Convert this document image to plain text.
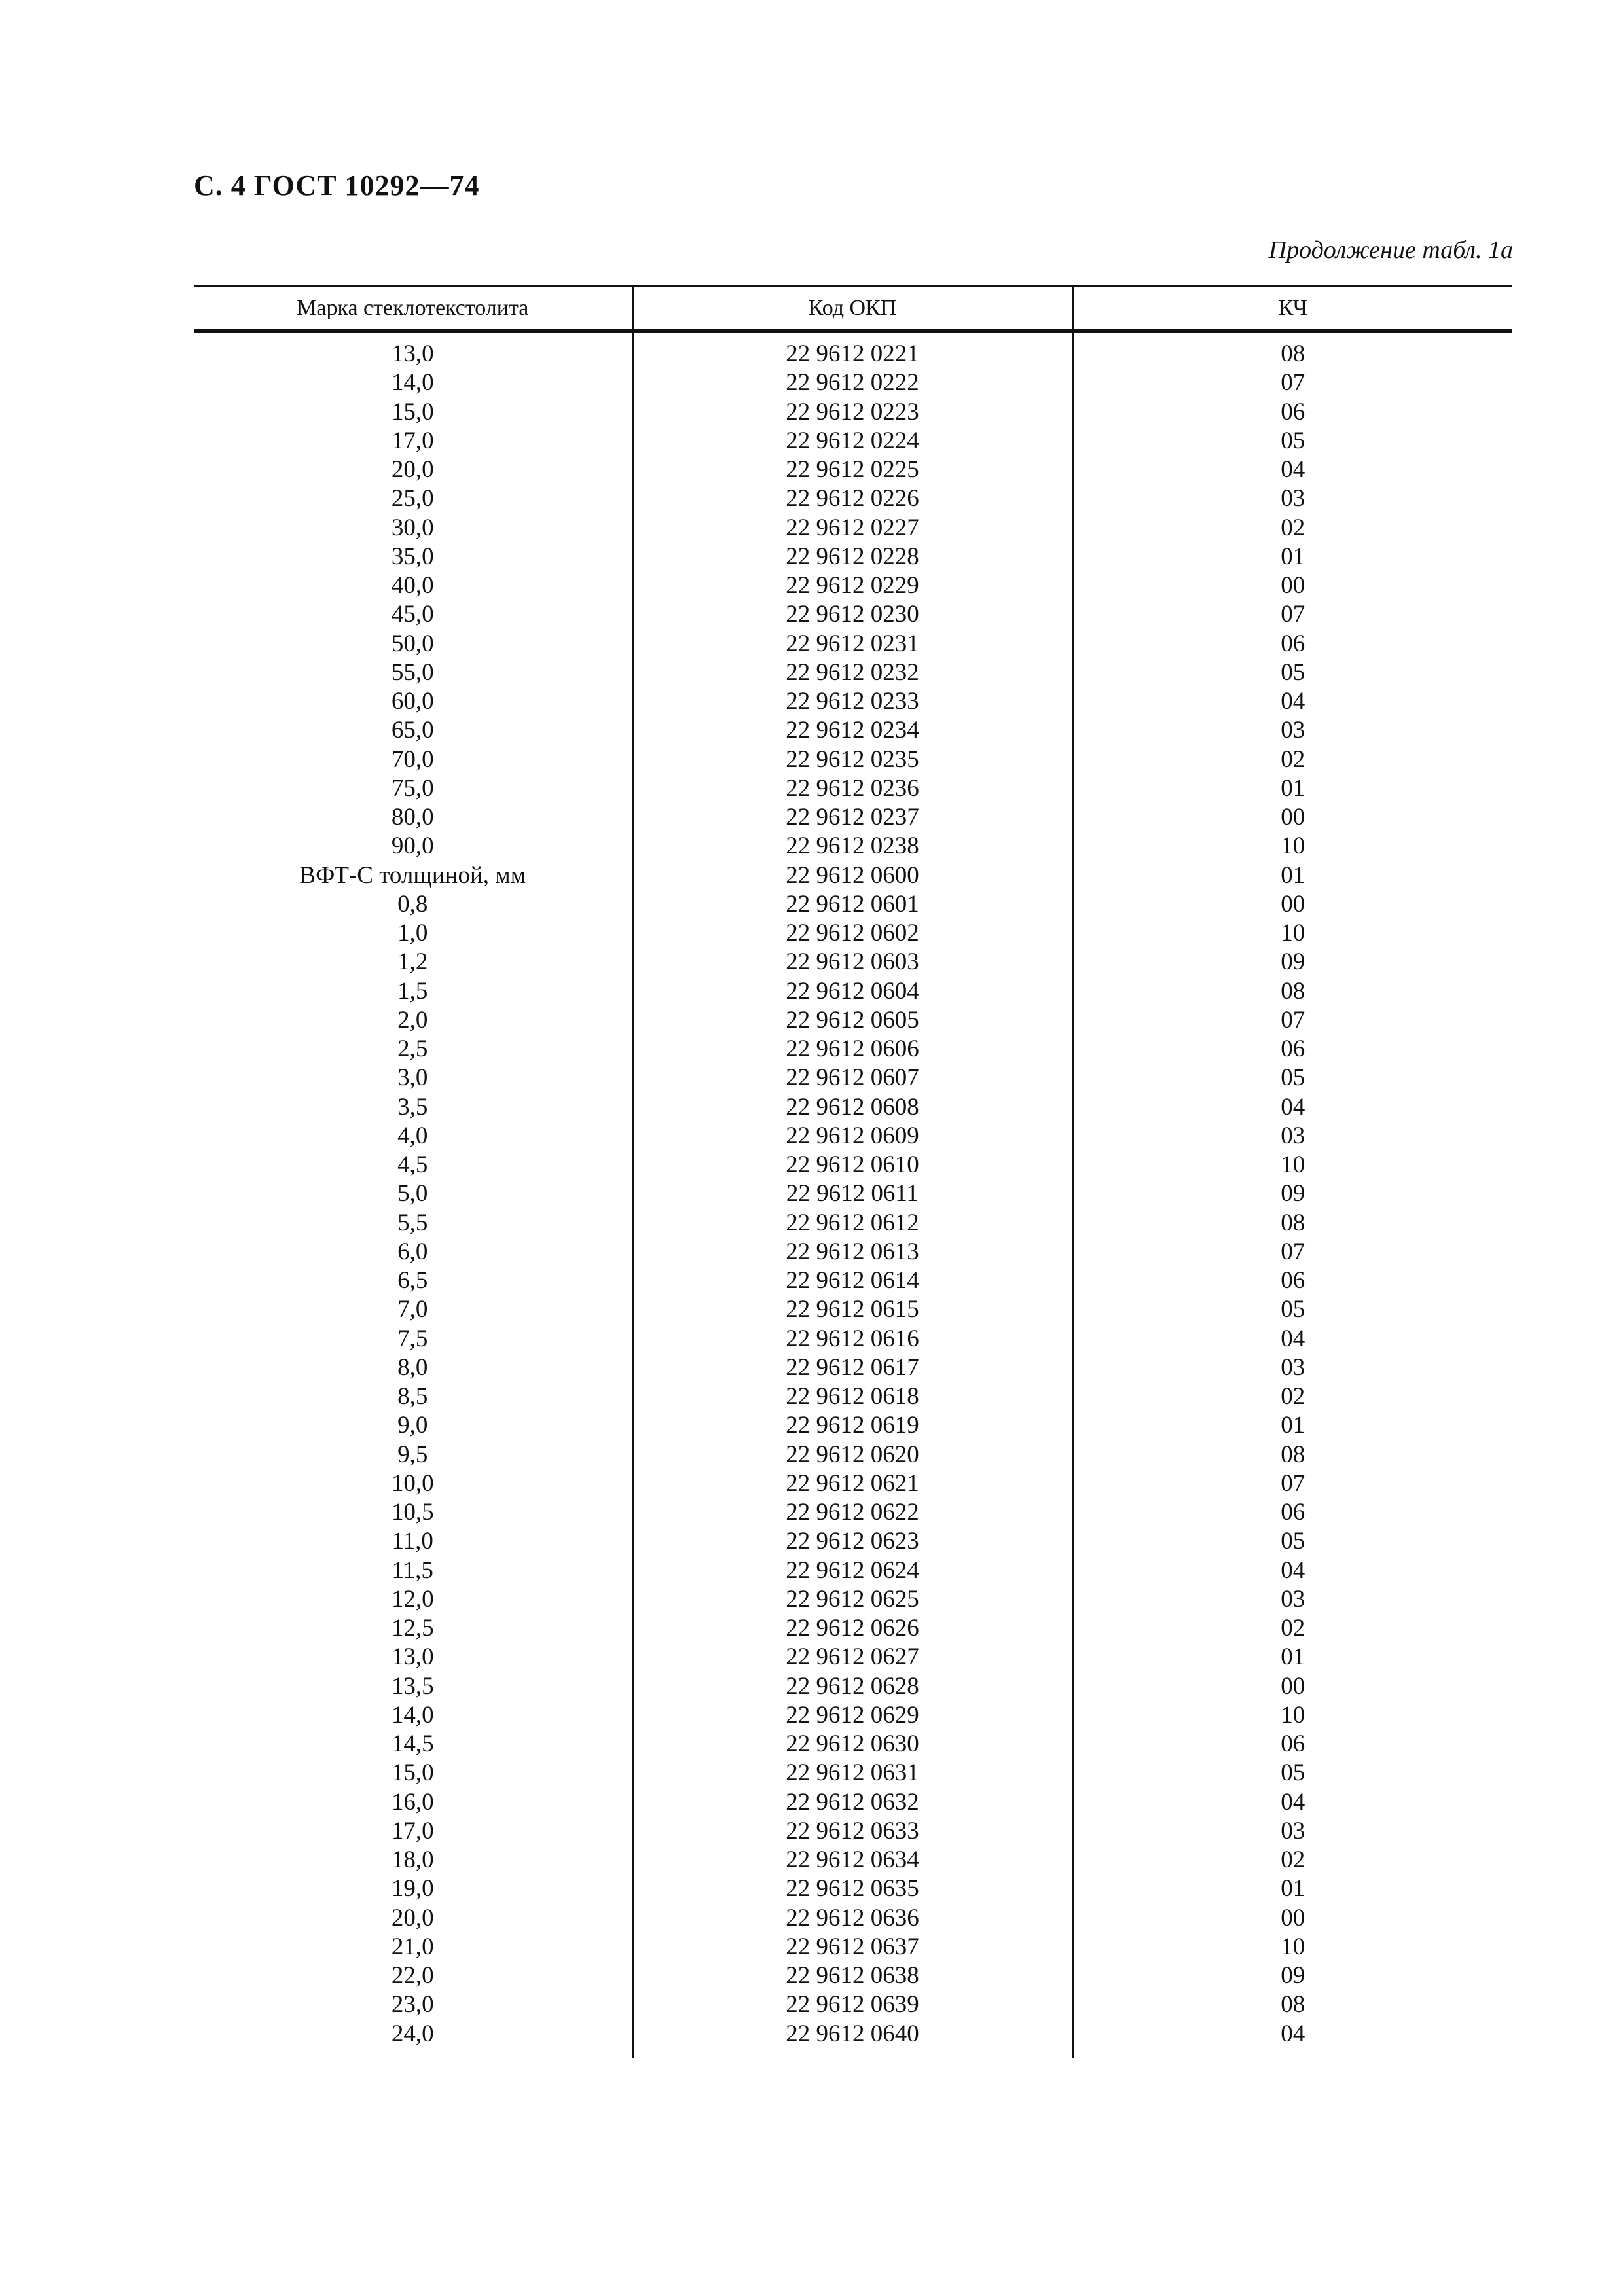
С. 4 ГОСТ 10292—74
Продолжение табл. 1а
Марка стеклотекстолита	Код ОКП	КЧ
13,0	22 9612 0221	08
14,0	22 9612 0222	07
15,0	22 9612 0223	06
17,0	22 9612 0224	05
20,0	22 9612 0225	04
25,0	22 9612 0226	03
30,0	22 9612 0227	02
35,0	22 9612 0228	01
40,0	22 9612 0229	00
45,0	22 9612 0230	07
50,0	22 9612 0231	06
55,0	22 9612 0232	05
60,0	22 9612 0233	04
65,0	22 9612 0234	03
70,0	22 9612 0235	02
75,0	22 9612 0236	01
80,0	22 9612 0237	00
90,0	22 9612 0238	10
ВФТ-С толщиной, мм	22 9612 0600	01
0,8	22 9612 0601	00
1,0	22 9612 0602	10
1,2	22 9612 0603	09
1,5	22 9612 0604	08
2,0	22 9612 0605	07
2,5	22 9612 0606	06
3,0	22 9612 0607	05
3,5	22 9612 0608	04
4,0	22 9612 0609	03
4,5	22 9612 0610	10
5,0	22 9612 0611	09
5,5	22 9612 0612	08
6,0	22 9612 0613	07
6,5	22 9612 0614	06
7,0	22 9612 0615	05
7,5	22 9612 0616	04
8,0	22 9612 0617	03
8,5	22 9612 0618	02
9,0	22 9612 0619	01
9,5	22 9612 0620	08
10,0	22 9612 0621	07
10,5	22 9612 0622	06
11,0	22 9612 0623	05
11,5	22 9612 0624	04
12,0	22 9612 0625	03
12,5	22 9612 0626	02
13,0	22 9612 0627	01
13,5	22 9612 0628	00
14,0	22 9612 0629	10
14,5	22 9612 0630	06
15,0	22 9612 0631	05
16,0	22 9612 0632	04
17,0	22 9612 0633	03
18,0	22 9612 0634	02
19,0	22 9612 0635	01
20,0	22 9612 0636	00
21,0	22 9612 0637	10
22,0	22 9612 0638	09
23,0	22 9612 0639	08
24,0	22 9612 0640	04
